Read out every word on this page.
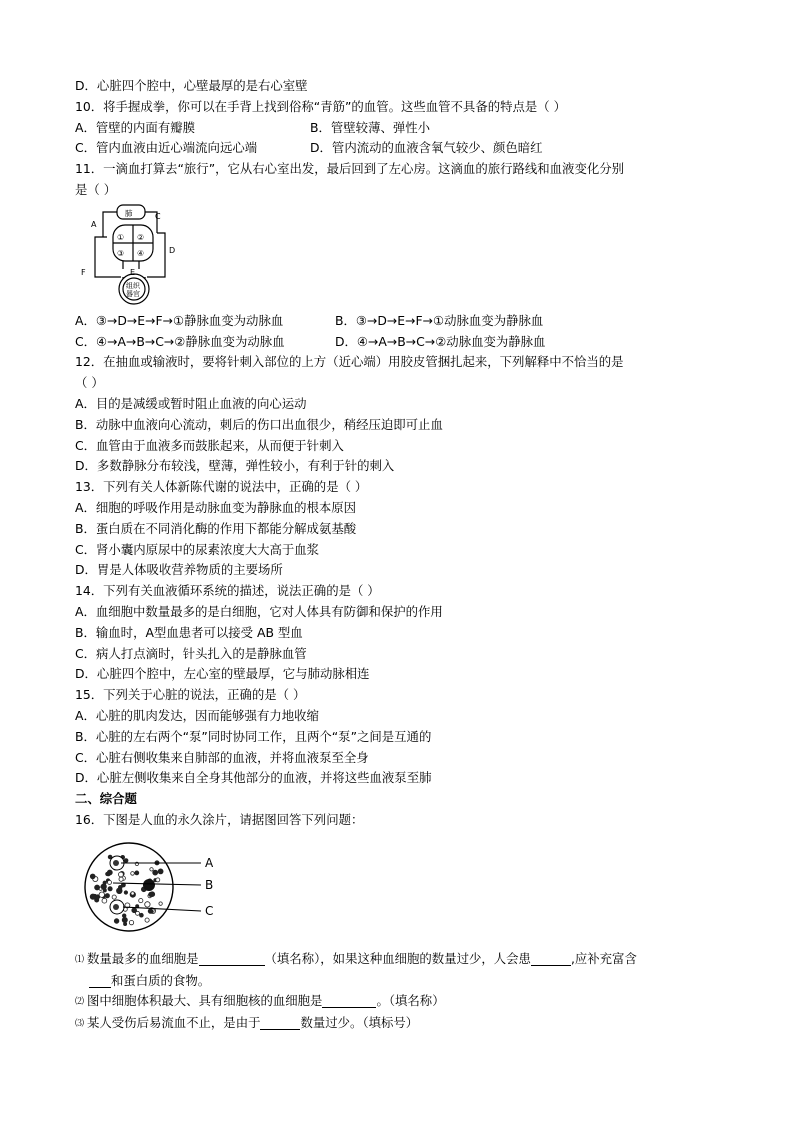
D．心脏四个腔中，心壁最厚的是右心室壁
10．将手握成拳，你可以在手背上找到俗称“青筋”的血管。这些血管不具备的特点是（ ）
A．管壁的内面有瓣膜	B．管壁较薄、弹性小
C．管内血液由近心端流向远心端	D．管内流动的血液含氧气较少、颜色暗红
11．一滴血打算去“旅行”，它从右心室出发，最后回到了左心房。这滴血的旅行路线和血液变化分别
是（ ）
A
C
D
E
F
肺
组织
器官
① ②
③ ④
A．③→D→E→F→①静脉血变为动脉血	B．③→D→E→F→①动脉血变为静脉血
C．④→A→B→C→②静脉血变为动脉血	D．④→A→B→C→②动脉血变为静脉血
12．在抽血或输液时，要将针刺入部位的上方（近心端）用胶皮管捆扎起来，下列解释中不恰当的是
（ ）
A．目的是减缓或暂时阻止血液的向心运动
B．动脉中血液向心流动，刺后的伤口出血很少，稍经压迫即可止血
C．血管由于血液多而鼓胀起来，从而便于针刺入
D．多数静脉分布较浅，壁薄，弹性较小，有利于针的刺入
13．下列有关人体新陈代谢的说法中，正确的是（ ）
A．细胞的呼吸作用是动脉血变为静脉血的根本原因
B．蛋白质在不同消化酶的作用下都能分解成氨基酸
C．肾小囊内原尿中的尿素浓度大大高于血浆
D．胃是人体吸收营养物质的主要场所
14．下列有关血液循环系统的描述，说法正确的是（ ）
A．血细胞中数量最多的是白细胞，它对人体具有防御和保护的作用
B．输血时，A型血患者可以接受 AB 型血
C．病人打点滴时，针头扎入的是静脉血管
D．心脏四个腔中，左心室的壁最厚，它与肺动脉相连
15．下列关于心脏的说法，正确的是（ ）
A．心脏的肌肉发达，因而能够强有力地收缩
B．心脏的左右两个“泵”同时协同工作，且两个“泵”之间是互通的
C．心脏右侧收集来自肺部的血液，并将血液泵至全身
D．心脏左侧收集来自全身其他部分的血液，并将这些血液泵至肺
二、综合题
16．下图是人血的永久涂片，请据图回答下列问题：
A
B
C
⑴ 数量最多的血细胞是	（填名称），如果这种血细胞的数量过少，人会患	,应补充富含
和蛋白质的食物。
⑵ 图中细胞体积最大、具有细胞核的血细胞是	。（填名称）
⑶ 某人受伤后易流血不止，是由于	数量过少。（填标号）
